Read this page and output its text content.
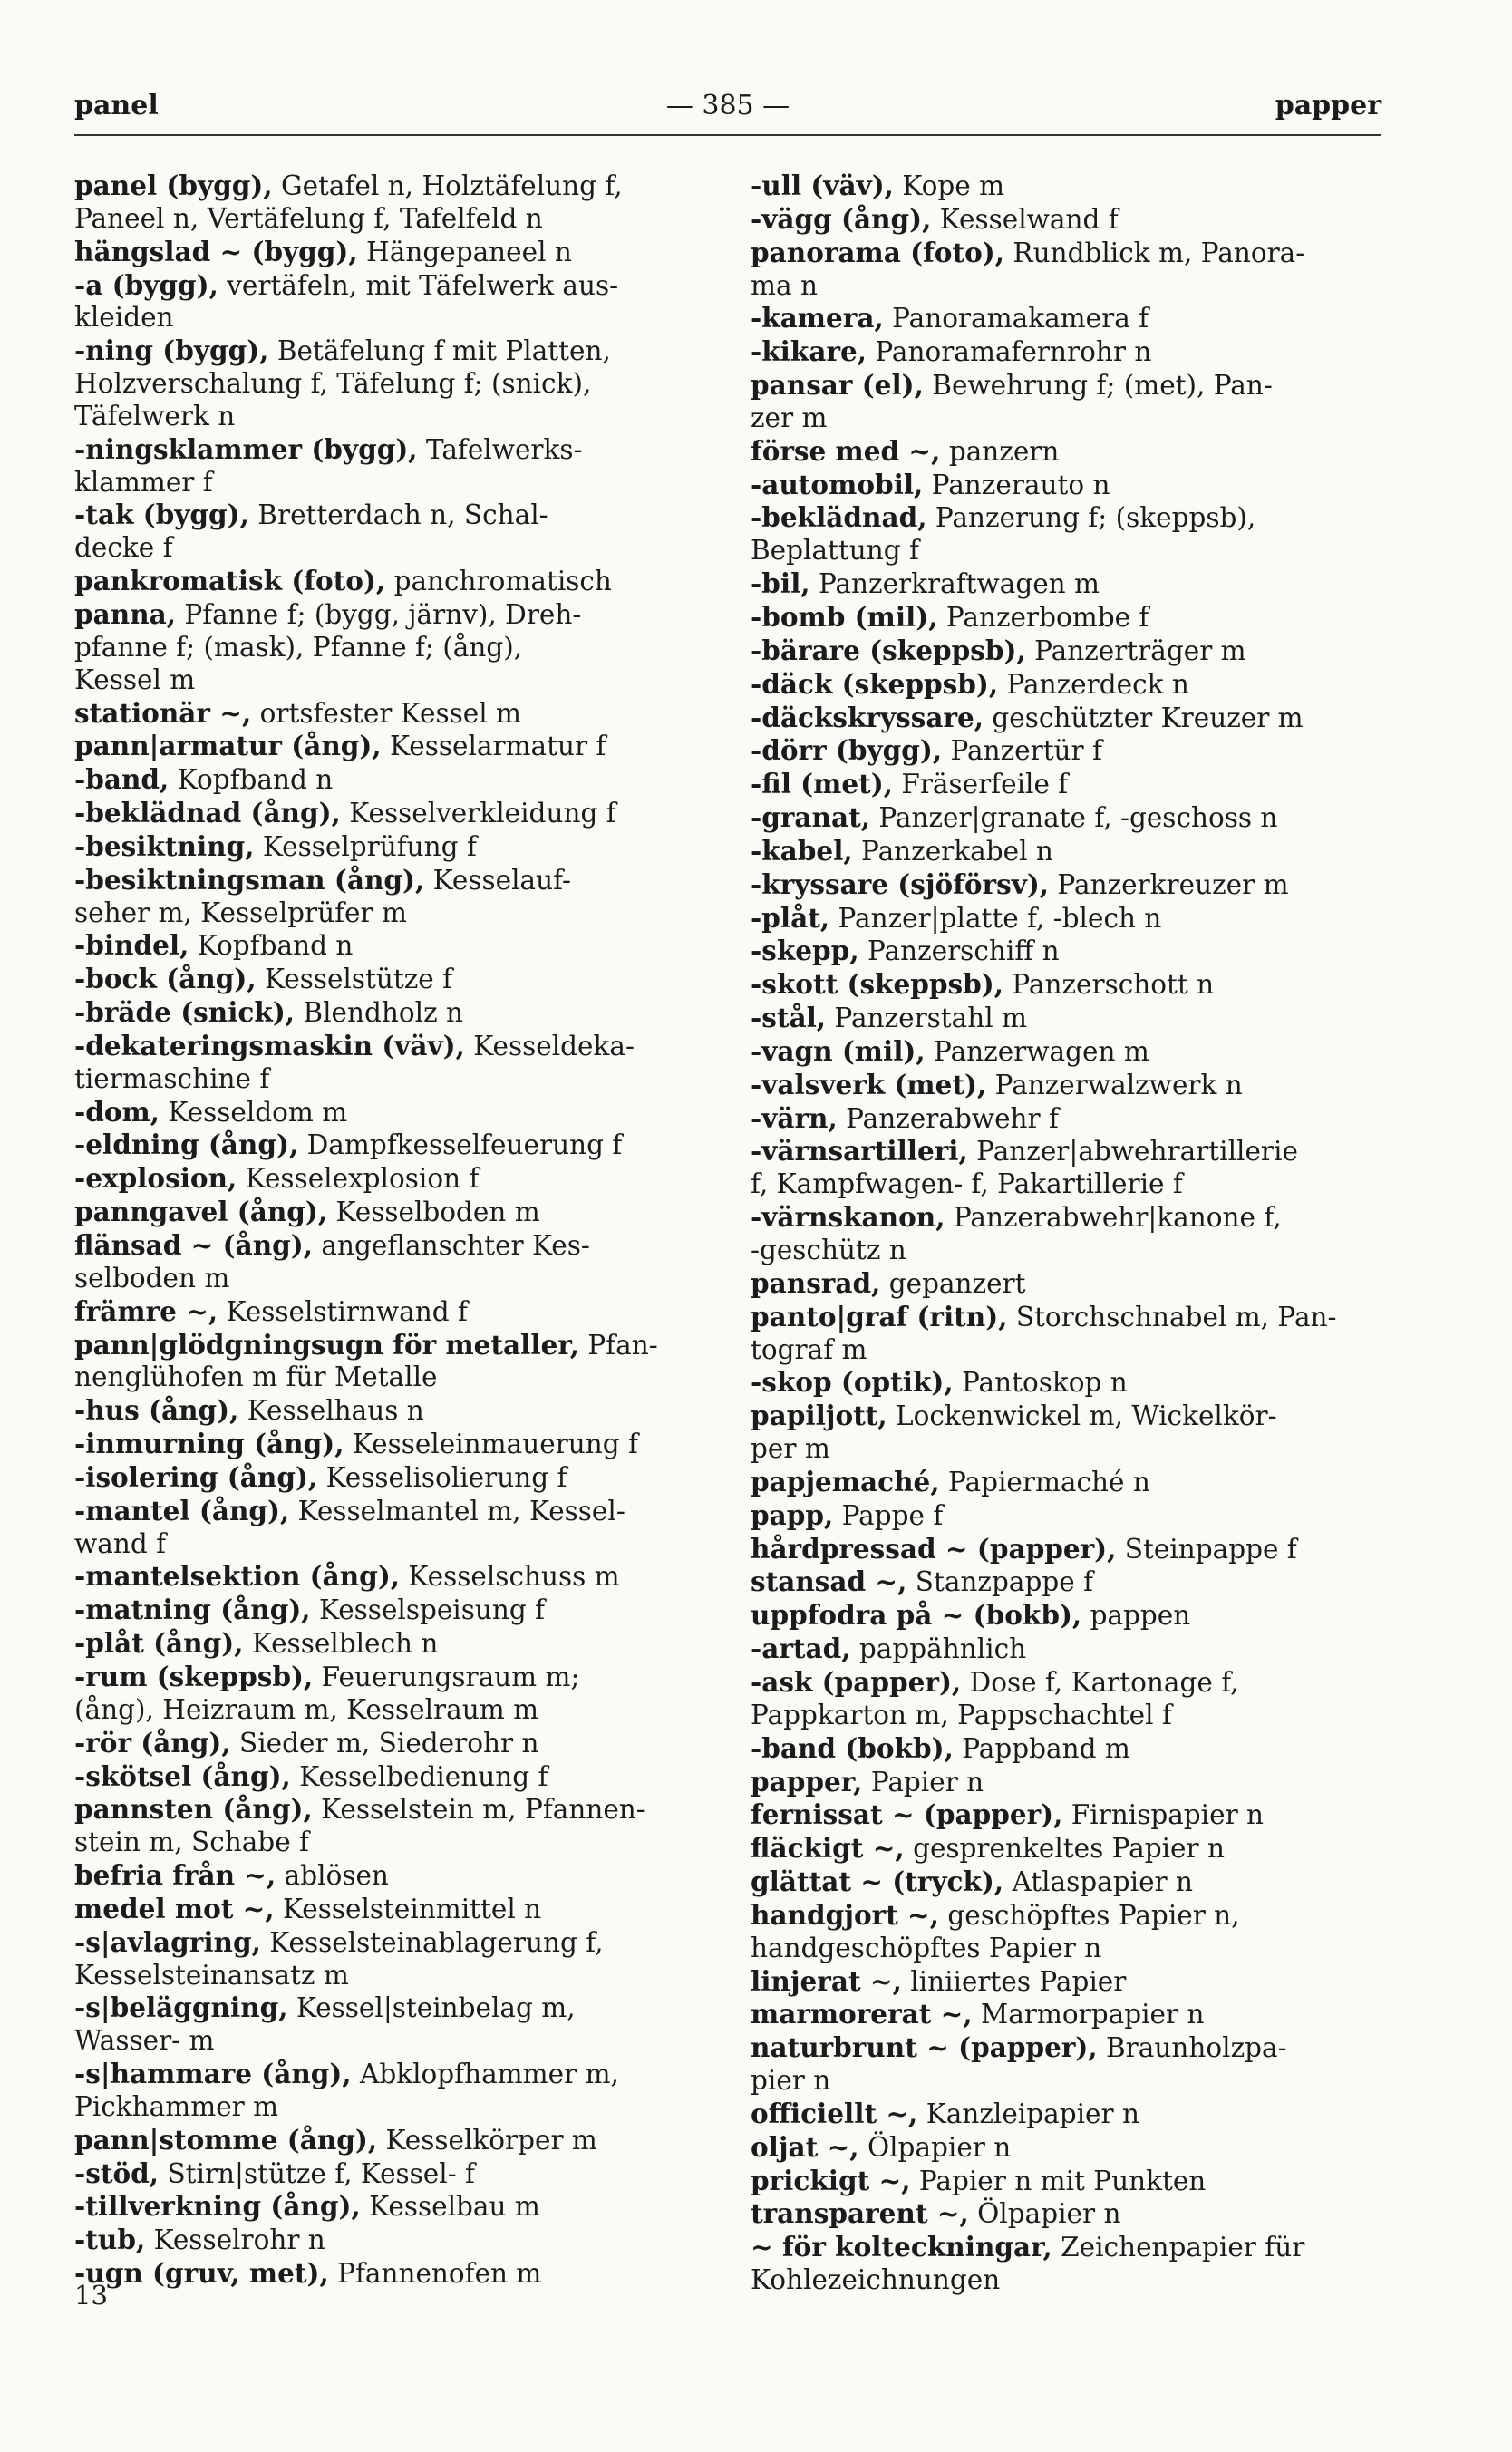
panel	— 385 —	papper
panel (bygg), Getafel n, Holztäfelung f,
Paneel n, Vertäfelung f, Tafelfeld n
hängslad ~ (bygg), Hängepaneel n
-a (bygg), vertäfeln, mit Täfelwerk aus-
kleiden
-ning (bygg), Betäfelung f mit Platten,
Holzverschalung f, Täfelung f; (snick),
Täfelwerk n
-ningsklammer (bygg), Tafelwerks-
klammer f
-tak (bygg), Bretterdach n, Schal-
decke f
pankromatisk (foto), panchromatisch
panna, Pfanne f; (bygg, järnv), Dreh-
pfanne f; (mask), Pfanne f; (ång),
Kessel m
stationär ~, ortsfester Kessel m
pann|armatur (ång), Kesselarmatur f
-band, Kopfband n
-beklädnad (ång), Kesselverkleidung f
-besiktning, Kesselprüfung f
-besiktningsman (ång), Kesselauf-
seher m, Kesselprüfer m
-bindel, Kopfband n
-bock (ång), Kesselstütze f
-bräde (snick), Blendholz n
-dekateringsmaskin (väv), Kesseldeka-
tiermaschine f
-dom, Kesseldom m
-eldning (ång), Dampfkesselfeuerung f
-explosion, Kesselexplosion f
panngavel (ång), Kesselboden m
flänsad ~ (ång), angeflanschter Kes-
selboden m
främre ~, Kesselstirnwand f
pann|glödgningsugn för metaller, Pfan-
nenglühofen m für Metalle
-hus (ång), Kesselhaus n
-inmurning (ång), Kesseleinmauerung f
-isolering (ång), Kesselisolierung f
-mantel (ång), Kesselmantel m, Kessel-
wand f
-mantelsektion (ång), Kesselschuss m
-matning (ång), Kesselspeisung f
-plåt (ång), Kesselblech n
-rum (skeppsb), Feuerungsraum m;
(ång), Heizraum m, Kesselraum m
-rör (ång), Sieder m, Siederohr n
-skötsel (ång), Kesselbedienung f
pannsten (ång), Kesselstein m, Pfannen-
stein m, Schabe f
befria från ~, ablösen
medel mot ~, Kesselsteinmittel n
-s|avlagring, Kesselsteinablagerung f,
Kesselsteinansatz m
-s|beläggning, Kessel|steinbelag m,
Wasser- m
-s|hammare (ång), Abklopfhammer m,
Pickhammer m
pann|stomme (ång), Kesselkörper m
-stöd, Stirn|stütze f, Kessel- f
-tillverkning (ång), Kesselbau m
-tub, Kesselrohr n
-ugn (gruv, met), Pfannenofen m
-ull (väv), Kope m
-vägg (ång), Kesselwand f
panorama (foto), Rundblick m, Panora-
ma n
-kamera, Panoramakamera f
-kikare, Panoramafernrohr n
pansar (el), Bewehrung f; (met), Pan-
zer m
förse med ~, panzern
-automobil, Panzerauto n
-beklädnad, Panzerung f; (skeppsb),
Beplattung f
-bil, Panzerkraftwagen m
-bomb (mil), Panzerbombe f
-bärare (skeppsb), Panzerträger m
-däck (skeppsb), Panzerdeck n
-däckskryssare, geschützter Kreuzer m
-dörr (bygg), Panzertür f
-fil (met), Fräserfeile f
-granat, Panzer|granate f, -geschoss n
-kabel, Panzerkabel n
-kryssare (sjöförsv), Panzerkreuzer m
-plåt, Panzer|platte f, -blech n
-skepp, Panzerschiff n
-skott (skeppsb), Panzerschott n
-stål, Panzerstahl m
-vagn (mil), Panzerwagen m
-valsverk (met), Panzerwalzwerk n
-värn, Panzerabwehr f
-värnsartilleri, Panzer|abwehrartillerie
f, Kampfwagen- f, Pakartillerie f
-värnskanon, Panzerabwehr|kanone f,
-geschütz n
pansrad, gepanzert
panto|graf (ritn), Storchschnabel m, Pan-
tograf m
-skop (optik), Pantoskop n
papiljott, Lockenwickel m, Wickelkör-
per m
papjemaché, Papiermaché n
papp, Pappe f
hårdpressad ~ (papper), Steinpappe f
stansad ~, Stanzpappe f
uppfodra på ~ (bokb), pappen
-artad, pappähnlich
-ask (papper), Dose f, Kartonage f,
Pappkarton m, Pappschachtel f
-band (bokb), Pappband m
papper, Papier n
fernissat ~ (papper), Firnispapier n
fläckigt ~, gesprenkeltes Papier n
glättat ~ (tryck), Atlaspapier n
handgjort ~, geschöpftes Papier n,
handgeschöpftes Papier n
linjerat ~, liniiertes Papier
marmorerat ~, Marmorpapier n
naturbrunt ~ (papper), Braunholzpa-
pier n
officiellt ~, Kanzleipapier n
oljat ~, Ölpapier n
prickigt ~, Papier n mit Punkten
transparent ~, Ölpapier n
~ för kolteckningar, Zeichenpapier für
Kohlezeichnungen
13
